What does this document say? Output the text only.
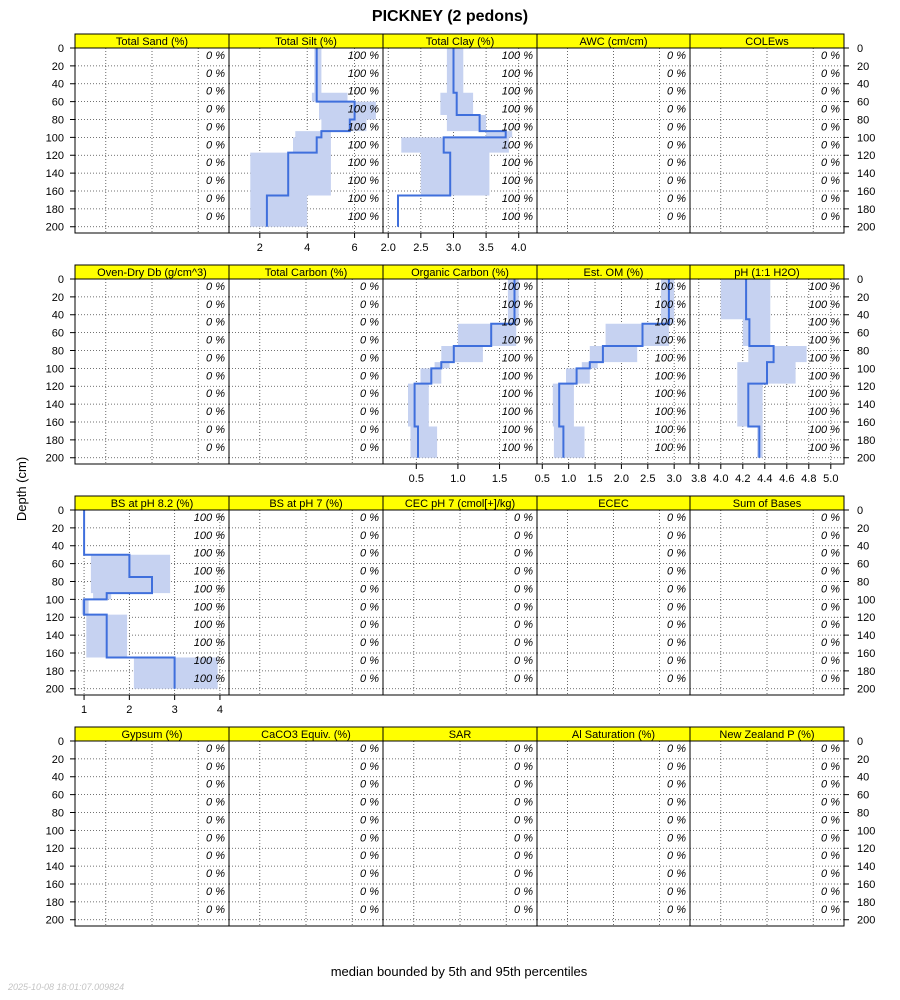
PICKNEY (2 pedons)
Depth (cm)
median bounded by 5th and 95th percentiles
2025-10-08 18:01:07.009824
Total Sand (%)
0 %
0 %
0 %
0 %
0 %
0 %
0 %
0 %
0 %
0 %
0
20
40
60
80
100
120
140
160
180
200
Total Silt (%)
100 %
100 %
100 %
100 %
100 %
100 %
100 %
100 %
100 %
100 %
2	4	6
Total Clay (%)
100 %
100 %
100 %
100 %
100 %
100 %
100 %
100 %
100 %
100 %
2.0 2.5 3.0 3.5 4.0
AWC (cm/cm)
0 %
0 %
0 %
0 %
0 %
0 %
0 %
0 %
0 %
0 %
COLEws
0 %
0 %
0 %
0 %
0 %
0 %
0 %
0 %
0 %
0 %
0
20
40
60
80
100
120
140
160
180
200
Oven-Dry Db (g/cm^3)
0 %
0 %
0 %
0 %
0 %
0 %
0 %
0 %
0 %
0 %
0
20
40
60
80
100
120
140
160
180
200
Total Carbon (%)
0 %
0 %
0 %
0 %
0 %
0 %
0 %
0 %
0 %
0 %
Organic Carbon (%)
100 %
100 %
100 %
100 %
100 %
100 %
100 %
100 %
100 %
100 %
0.5 1.0 1.5
Est. OM (%)
100 %
100 %
100 %
100 %
100 %
100 %
100 %
100 %
100 %
100 %
0.5 1.0 1.5 2.0 2.5 3.0
pH (1:1 H2O)
100 %
100 %
100 %
100 %
100 %
100 %
100 %
100 %
100 %
100 %
3.8 4.0 4.2 4.4 4.6 4.8 5.0
0
20
40
60
80
100
120
140
160
180
200
BS at pH 8.2 (%)
100 %
100 %
100 %
100 %
100 %
100 %
100 %
100 %
100 %
100 %
1	2	3	4
0
20
40
60
80
100
120
140
160
180
200
BS at pH 7 (%)
0 %
0 %
0 %
0 %
0 %
0 %
0 %
0 %
0 %
0 %
CEC pH 7 (cmol[+]/kg)
0 %
0 %
0 %
0 %
0 %
0 %
0 %
0 %
0 %
0 %
ECEC
0 %
0 %
0 %
0 %
0 %
0 %
0 %
0 %
0 %
0 %
Sum of Bases
0 %
0 %
0 %
0 %
0 %
0 %
0 %
0 %
0 %
0 %
0
20
40
60
80
100
120
140
160
180
200
Gypsum (%)
0 %
0 %
0 %
0 %
0 %
0 %
0 %
0 %
0 %
0 %
0
20
40
60
80
100
120
140
160
180
200
CaCO3 Equiv. (%)
0 %
0 %
0 %
0 %
0 %
0 %
0 %
0 %
0 %
0 %
SAR
0 %
0 %
0 %
0 %
0 %
0 %
0 %
0 %
0 %
0 %
Al Saturation (%)
0 %
0 %
0 %
0 %
0 %
0 %
0 %
0 %
0 %
0 %
New Zealand P (%)
0 %
0 %
0 %
0 %
0 %
0 %
0 %
0 %
0 %
0 %
0
20
40
60
80
100
120
140
160
180
200
